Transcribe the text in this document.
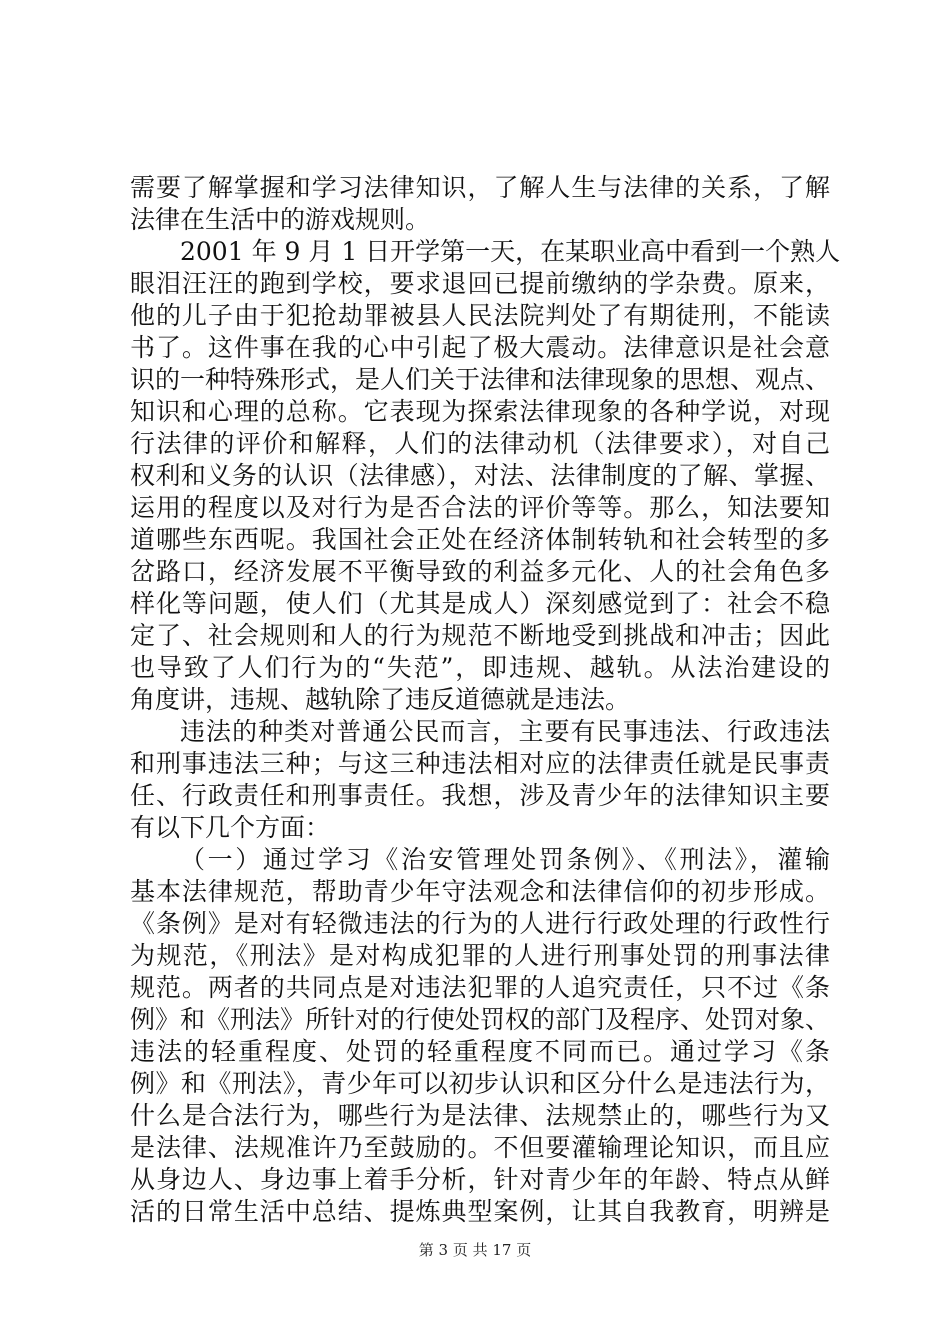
需要了解掌握和学习法律知识，了解人生与法律的关系，了解
法律在生活中的游戏规则。
2001 年 9 月 1 日开学第一天，在某职业高中看到一个熟人
眼泪汪汪的跑到学校，要求退回已提前缴纳的学杂费。原来，
他的儿子由于犯抢劫罪被县人民法院判处了有期徒刑，不能读
书了。这件事在我的心中引起了极大震动。法律意识是社会意
识的一种特殊形式，是人们关于法律和法律现象的思想、观点、
知识和心理的总称。它表现为探索法律现象的各种学说，对现
行法律的评价和解释，人们的法律动机（法律要求），对自己
权利和义务的认识（法律感），对法、法律制度的了解、掌握、
运用的程度以及对行为是否合法的评价等等。那么，知法要知
道哪些东西呢。我国社会正处在经济体制转轨和社会转型的多
岔路口，经济发展不平衡导致的利益多元化、人的社会角色多
样化等问题，使人们（尤其是成人）深刻感觉到了：社会不稳
定了、社会规则和人的行为规范不断地受到挑战和冲击；因此
也导致了人们行为的“失范”，即违规、越轨。从法治建设的
角度讲，违规、越轨除了违反道德就是违法。
违法的种类对普通公民而言，主要有民事违法、行政违法
和刑事违法三种；与这三种违法相对应的法律责任就是民事责
任、行政责任和刑事责任。我想，涉及青少年的法律知识主要
有以下几个方面：
（一）通过学习《治安管理处罚条例》、《刑法》，灌输
基本法律规范，帮助青少年守法观念和法律信仰的初步形成。
《条例》是对有轻微违法的行为的人进行行政处理的行政性行
为规范，《刑法》是对构成犯罪的人进行刑事处罚的刑事法律
规范。两者的共同点是对违法犯罪的人追究责任，只不过《条
例》和《刑法》所针对的行使处罚权的部门及程序、处罚对象、
违法的轻重程度、处罚的轻重程度不同而已。通过学习《条
例》和《刑法》，青少年可以初步认识和区分什么是违法行为，
什么是合法行为，哪些行为是法律、法规禁止的，哪些行为又
是法律、法规准许乃至鼓励的。不但要灌输理论知识，而且应
从身边人、身边事上着手分析，针对青少年的年龄、特点从鲜
活的日常生活中总结、提炼典型案例，让其自我教育，明辨是
第 3 页 共 17 页
